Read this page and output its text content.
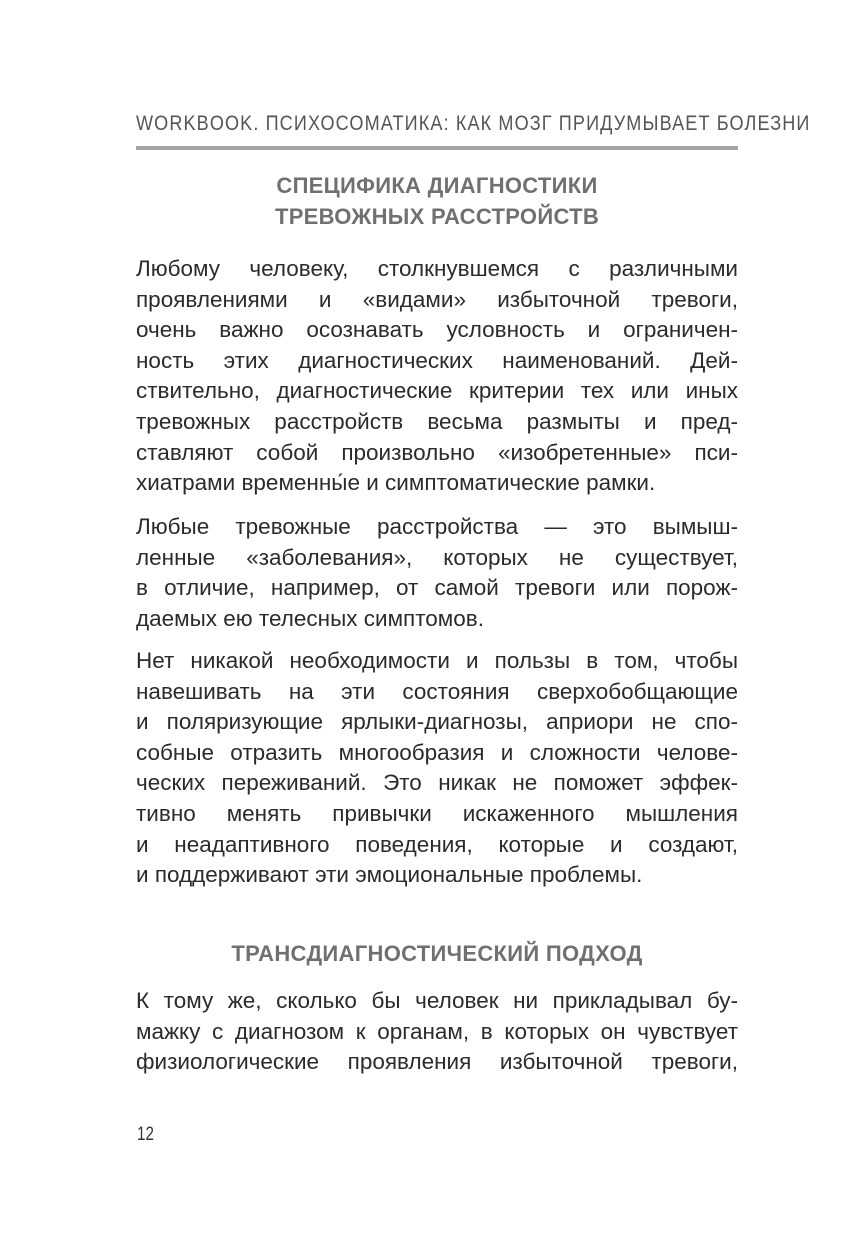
WORKBOOK. ПСИХОСОМАТИКА: КАК МОЗГ ПРИДУМЫВАЕТ БОЛЕЗНИ
СПЕЦИФИКА ДИАГНОСТИКИ
ТРЕВОЖНЫХ РАССТРОЙСТВ
Любому человеку, столкнувшемся с различными
проявлениями и «видами» избыточной тревоги,
очень важно осознавать условность и ограничен-
ность этих диагностических наименований. Дей-
ствительно, диагностические критерии тех или иных
тревожных расстройств весьма размыты и пред-
ставляют собой произвольно «изобретенные» пси-
хиатрами временны́е и симптоматические рамки.
Любые тревожные расстройства — это вымыш-
ленные «заболевания», которых не существует,
в отличие, например, от самой тревоги или порож-
даемых ею телесных симптомов.
Нет никакой необходимости и пользы в том, чтобы
навешивать на эти состояния сверхобобщающие
и поляризующие ярлыки-диагнозы, априори не спо-
собные отразить многообразия и сложности челове-
ческих переживаний. Это никак не поможет эффек-
тивно менять привычки искаженного мышления
и неадаптивного поведения, которые и создают,
и поддерживают эти эмоциональные проблемы.
ТРАНСДИАГНОСТИЧЕСКИЙ ПОДХОД
К тому же, сколько бы человек ни прикладывал бу-
мажку с диагнозом к органам, в которых он чувствует
физиологические проявления избыточной тревоги,
12
